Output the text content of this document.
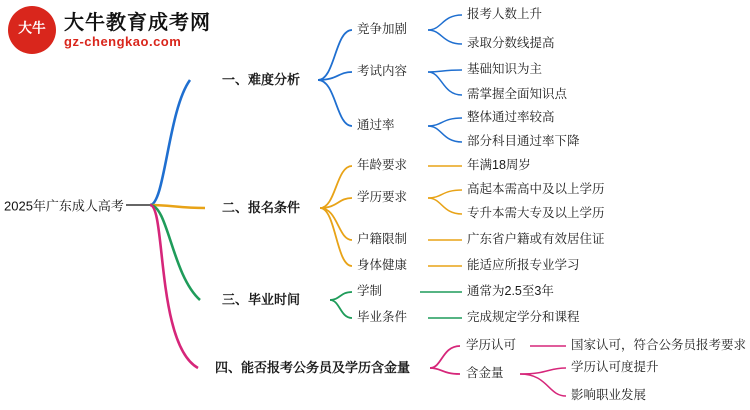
大牛 大牛教育成考网
gz-chengkao.com
2025年广东成人高考
一、难度分析
竞争加剧
考试内容
通过率
报考人数上升
录取分数线提高
基础知识为主
需掌握全面知识点
整体通过率较高
部分科目通过率下降
二、报名条件
年龄要求
学历要求
户籍限制
身体健康
年满18周岁
高起本需高中及以上学历
专升本需大专及以上学历
广东省户籍或有效居住证
能适应所报专业学习
三、毕业时间
学制
毕业条件
通常为2.5至3年
完成规定学分和课程
四、能否报考公务员及学历含金量
学历认可
含金量
国家认可，符合公务员报考要求
学历认可度提升
影响职业发展
